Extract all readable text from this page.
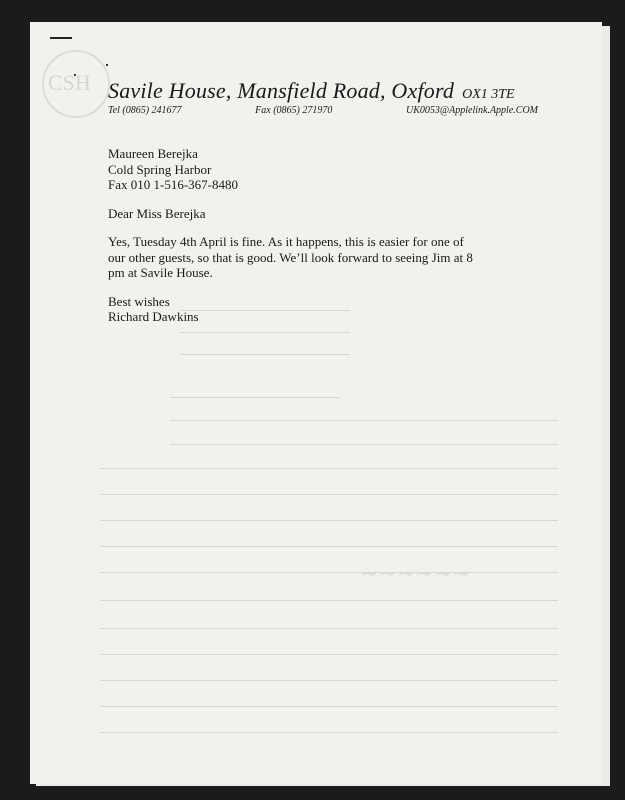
CSH
~~~~~~
Savile House, Mansfield Road, Oxford OX1 3TE
Tel (0865) 241677	Fax (0865) 271970	UK0053@Applelink.Apple.COM

Maureen Berejka

Cold Spring Harbor

Fax 010 1-516-367-8480

Dear Miss Berejka

Yes, Tuesday 4th April is fine. As it happens, this is easier for one of

our other guests, so that is good. We’ll look forward to seeing Jim at 8

pm at Savile House.

Best wishes

Richard Dawkins
